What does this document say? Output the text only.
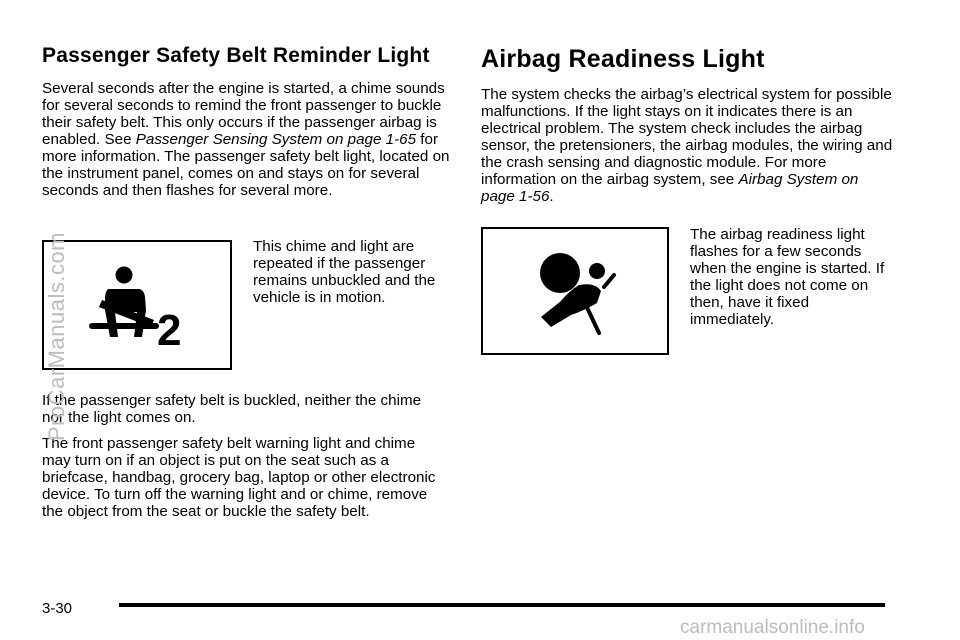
Passenger Safety Belt Reminder Light

Several seconds after the engine is started, a chime sounds for several seconds to remind the front passenger to buckle their safety belt. This only occurs if the passenger airbag is enabled. See Passenger Sensing System on page 1-65 for more information. The passenger safety belt light, located on the instrument panel, comes on and stays on for several seconds and then flashes for several more.

2

This chime and light are repeated if the passenger remains unbuckled and the vehicle is in motion.

If the passenger safety belt is buckled, neither the chime nor the light comes on.

The front passenger safety belt warning light and chime may turn on if an object is put on the seat such as a briefcase, handbag, grocery bag, laptop or other electronic device. To turn off the warning light and or chime, remove the object from the seat or buckle the safety belt.

Airbag Readiness Light

The system checks the airbag’s electrical system for possible malfunctions. If the light stays on it indicates there is an electrical problem. The system check includes the airbag sensor, the pretensioners, the airbag modules, the wiring and the crash sensing and diagnostic module. For more information on the airbag system, see Airbag System on page 1-56.

The airbag readiness light flashes for a few seconds when the engine is started. If the light does not come on then, have it fixed immediately.

3-30
ProCarManuals.com
carmanualsonline.info
